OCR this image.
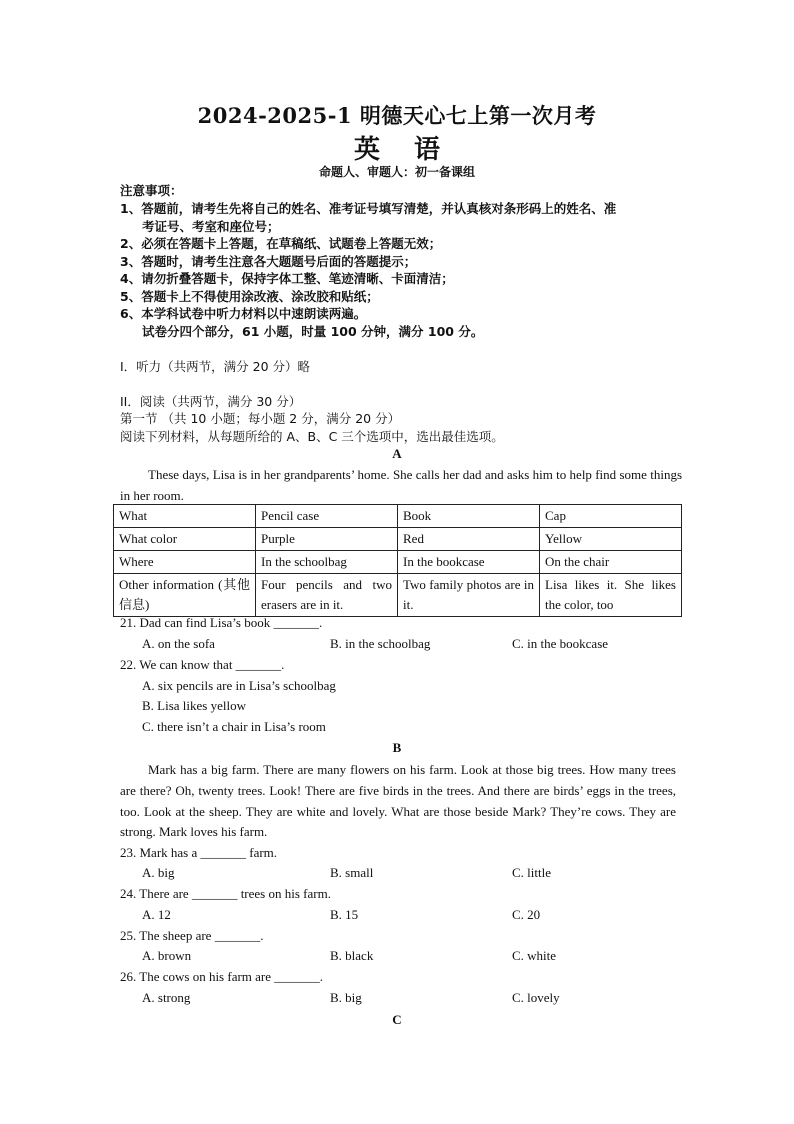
2024-2025-1 明德天心七上第一次月考
英语
命题人、审题人：初一备课组
注意事项：
1、答题前，请考生先将自己的姓名、准考证号填写清楚，并认真核对条形码上的姓名、准
考证号、考室和座位号；
2、必须在答题卡上答题，在草稿纸、试题卷上答题无效；
3、答题时，请考生注意各大题题号后面的答题提示；
4、请勿折叠答题卡，保持字体工整、笔迹清晰、卡面清洁；
5、答题卡上不得使用涂改液、涂改胶和贴纸；
6、本学科试卷中听力材料以中速朗读两遍。
试卷分四个部分，61 小题，时量 100 分钟，满分 100 分。
I．听力（共两节，满分 20 分）略
II．阅读（共两节，满分 30 分）
第一节 （共 10 小题；每小题 2 分，满分 20 分）
阅读下列材料，从每题所给的 A、B、C 三个选项中，选出最佳选项。
A
These days, Lisa is in her grandparents’ home. She calls her dad and asks him to help find some things in her room.
What	Pencil case	Book	Cap
What color	Purple	Red	Yellow
Where	In the schoolbag	In the bookcase	On the chair
Other information (其他信息)	Four pencils and two erasers are in it.	Two family photos are in it.	Lisa likes it. She likes the color, too
21. Dad can find Lisa’s book _______.
A. on the sofa	B. in the schoolbag	C. in the bookcase
22. We can know that _______.
A. six pencils are in Lisa’s schoolbag
B. Lisa likes yellow
C. there isn’t a chair in Lisa’s room
B
Mark has a big farm. There are many flowers on his farm. Look at those big trees. How many trees are there? Oh, twenty trees. Look! There are five birds in the trees. And there are birds’ eggs in the trees, too. Look at the sheep. They are white and lovely. What are those beside Mark? They’re cows. They are strong. Mark loves his farm.
23. Mark has a _______ farm.
A. big	B. small	C. little
24. There are _______ trees on his farm.
A. 12	B. 15	C. 20
25. The sheep are _______.
A. brown	B. black	C. white
26. The cows on his farm are _______.
A. strong	B. big	C. lovely
C
